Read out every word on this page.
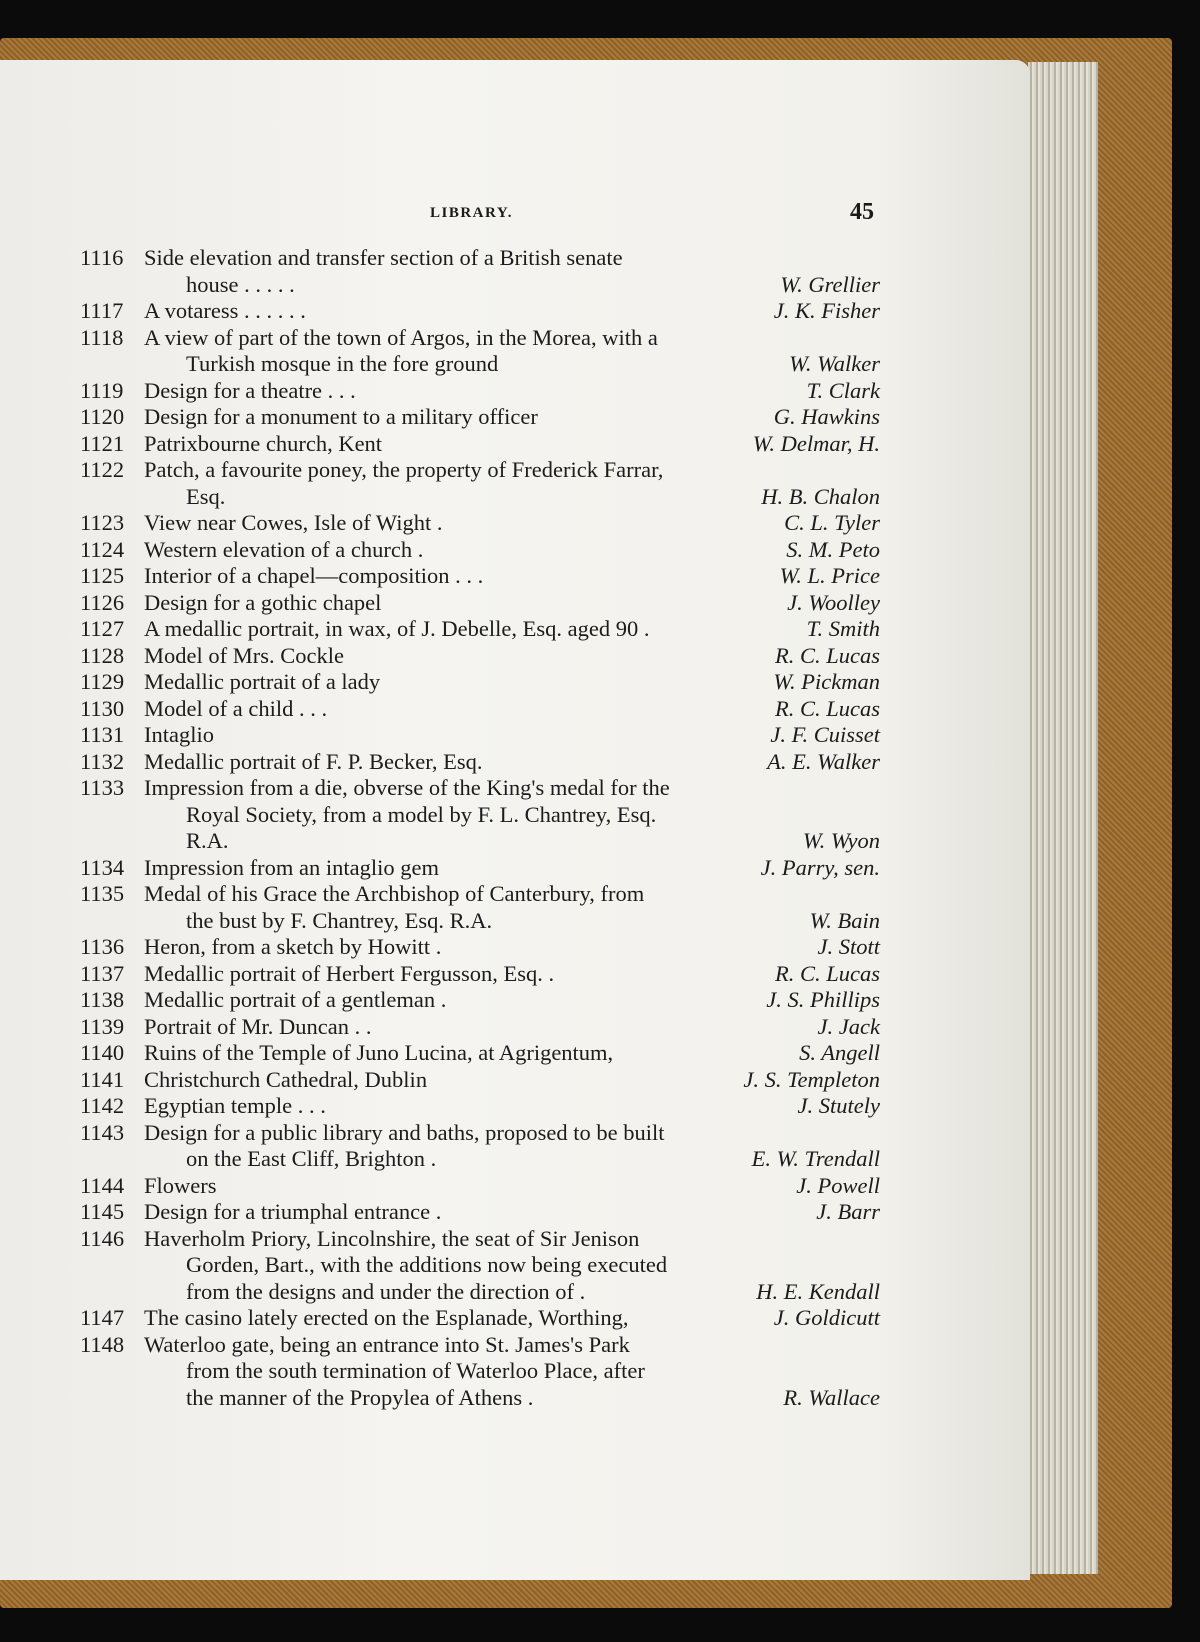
LIBRARY.	45
1116 Side elevation and transfer section of a British senate
house . . . . .	W. Grellier
1117 A votaress . . . . . .	J. K. Fisher
1118 A view of part of the town of Argos, in the Morea, with a
Turkish mosque in the fore ground	W. Walker
1119 Design for a theatre . . .	T. Clark
1120 Design for a monument to a military officer	G. Hawkins
1121 Patrixbourne church, Kent	W. Delmar, H.
1122 Patch, a favourite poney, the property of Frederick Farrar,
Esq.	H. B. Chalon
1123 View near Cowes, Isle of Wight .	C. L. Tyler
1124 Western elevation of a church .	S. M. Peto
1125 Interior of a chapel—composition . . .	W. L. Price
1126 Design for a gothic chapel	J. Woolley
1127 A medallic portrait, in wax, of J. Debelle, Esq. aged 90 .	T. Smith
1128 Model of Mrs. Cockle	R. C. Lucas
1129 Medallic portrait of a lady	W. Pickman
1130 Model of a child . . .	R. C. Lucas
1131 Intaglio	J. F. Cuisset
1132 Medallic portrait of F. P. Becker, Esq.	A. E. Walker
1133 Impression from a die, obverse of the King's medal for the
Royal Society, from a model by F. L. Chantrey, Esq.
R.A.	W. Wyon
1134 Impression from an intaglio gem	J. Parry, sen.
1135 Medal of his Grace the Archbishop of Canterbury, from
the bust by F. Chantrey, Esq. R.A.	W. Bain
1136 Heron, from a sketch by Howitt .	J. Stott
1137 Medallic portrait of Herbert Fergusson, Esq. .	R. C. Lucas
1138 Medallic portrait of a gentleman .	J. S. Phillips
1139 Portrait of Mr. Duncan . .	J. Jack
1140 Ruins of the Temple of Juno Lucina, at Agrigentum,	S. Angell
1141 Christchurch Cathedral, Dublin	J. S. Templeton
1142 Egyptian temple . . .	J. Stutely
1143 Design for a public library and baths, proposed to be built
on the East Cliff, Brighton .	E. W. Trendall
1144 Flowers	J. Powell
1145 Design for a triumphal entrance .	J. Barr
1146 Haverholm Priory, Lincolnshire, the seat of Sir Jenison
Gorden, Bart., with the additions now being executed
from the designs and under the direction of .	H. E. Kendall
1147 The casino lately erected on the Esplanade, Worthing,	J. Goldicutt
1148 Waterloo gate, being an entrance into St. James's Park
from the south termination of Waterloo Place, after
the manner of the Propylea of Athens .	R. Wallace
